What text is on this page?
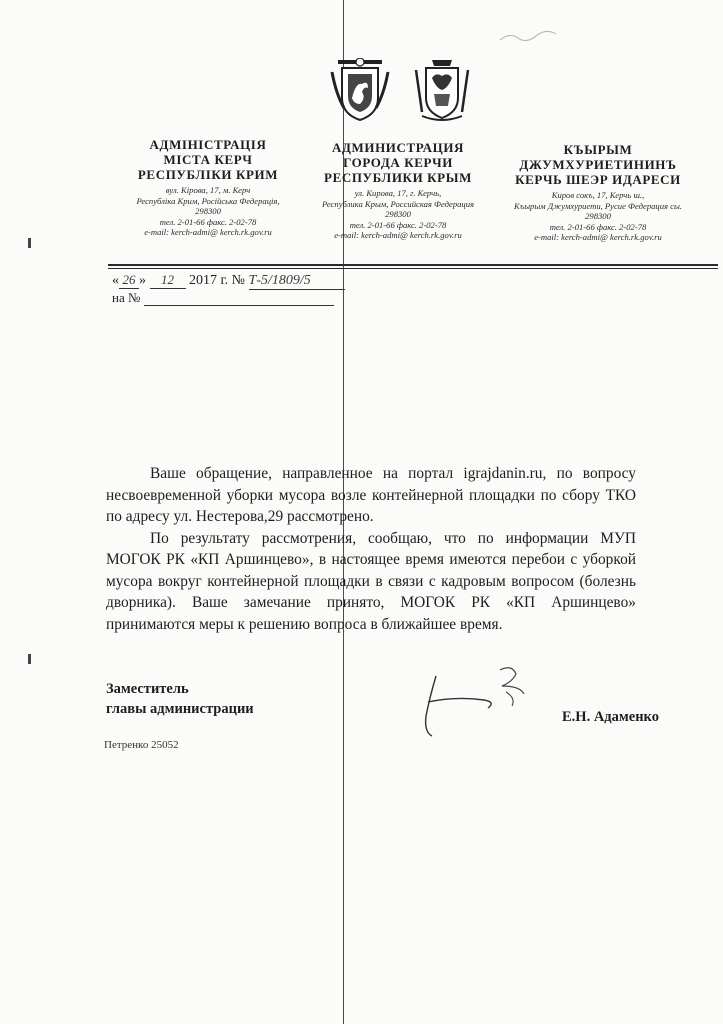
АДМІНІСТРАЦІЯ
МІСТА КЕРЧ
РЕСПУБЛІКИ КРИМ
вул. Кірова, 17, м. Керч
Республіка Крим, Російська Федерація,
298300
тел. 2-01-66 факс. 2-02-78
e-mail: kerch-admi@ kerch.rk.gov.ru
АДМИНИСТРАЦИЯ
ГОРОДА КЕРЧИ
РЕСПУБЛИКИ КРЫМ
ул. Кирова, 17, г. Керчь,
Республика Крым, Российская Федерация
298300
тел. 2-01-66 факс. 2-02-78
e-mail: kerch-admi@ kerch.rk.gov.ru
КЪЫРЫМ
ДЖУМХУРИЕТИНИНЪ
КЕРЧЬ ШЕЭР ИДАРЕСИ
Киров сокъ, 17, Керчь ш.,
Къырым Джумхуриети, Русие Федерация сы.
298300
тел. 2-01-66 факс. 2-02-78
e-mail: kerch-admi@ kerch.rk.gov.ru
« 26 » 12 2017 г. № Т-5/1809/5
на №

Ваше обращение, направленное на портал igrajdanin.ru, по вопросу несвоевременной уборки мусора возле контейнерной площадки по сбору ТКО по адресу ул. Нестерова,29 рассмотрено.

По результату рассмотрения, сообщаю, что по информации МУП МОГОК РК «КП Аршинцево», в настоящее время имеются перебои с уборкой мусора вокруг контейнерной площадки в связи с кадровым вопросом (болезнь дворника). Ваше замечание принято, МОГОК РК «КП Аршинцево» принимаются меры к решению вопроса в ближайшее время.

Заместитель
главы администрации	Е.Н. Адаменко
Петренко 25052
